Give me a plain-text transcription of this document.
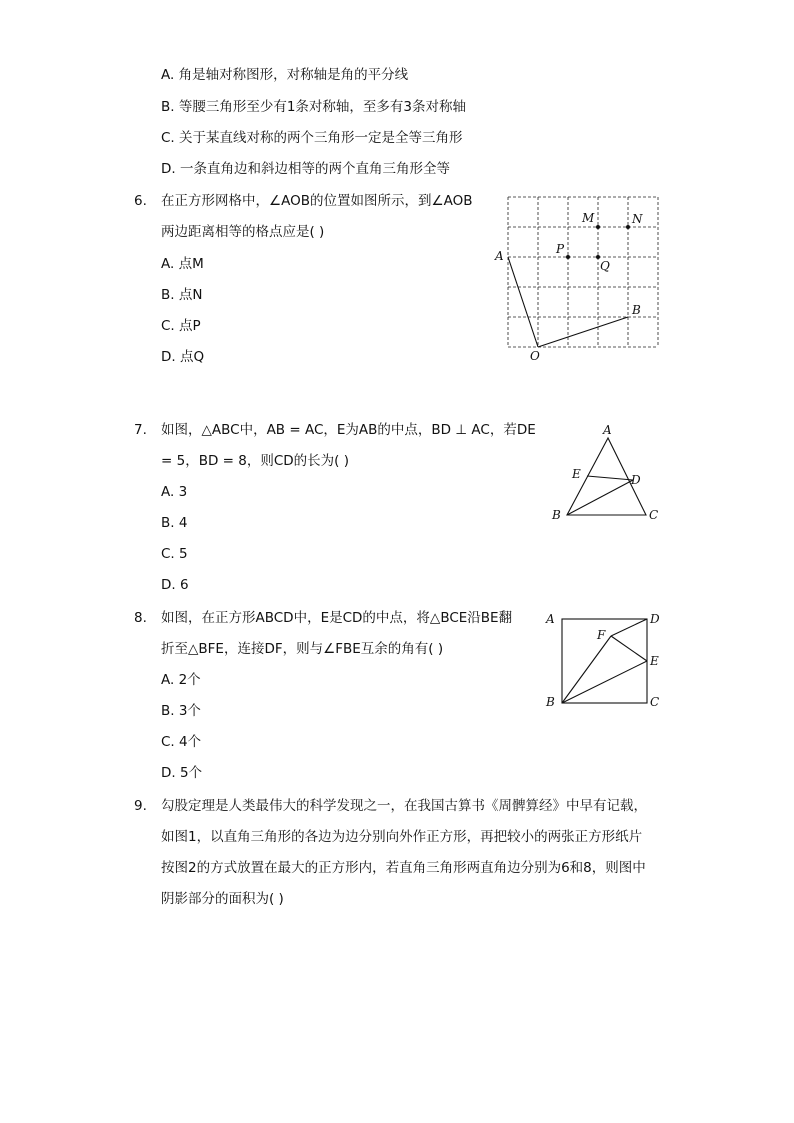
A. 角是轴对称图形，对称轴是角的平分线
B. 等腰三角形至少有1条对称轴，至多有3条对称轴
C. 关于某直线对称的两个三角形一定是全等三角形
D. 一条直角边和斜边相等的两个直角三角形全等
6. 在正方形网格中，∠AOB的位置如图所示，到∠AOB
两边距离相等的格点应是( )
A. 点M
B. 点N
C. 点P
D. 点Q
A
B
O
M	N
P
Q
7. 如图，△ABC中，AB = AC，E为AB的中点，BD ⊥ AC，若DE
= 5，BD = 8，则CD的长为( )
A. 3
B. 4
C. 5
D. 6
A
B	C
D
E
8. 如图，在正方形ABCD中，E是CD的中点，将△BCE沿BE翻
折至△BFE，连接DF，则与∠FBE互余的角有( )
A. 2个
B. 3个
C. 4个
D. 5个
A
B	C
D
E
F
9. 勾股定理是人类最伟大的科学发现之一，在我国古算书《周髀算经》中早有记载，
如图1，以直角三角形的各边为边分别向外作正方形，再把较小的两张正方形纸片
按图2的方式放置在最大的正方形内，若直角三角形两直角边分别为6和8，则图中
阴影部分的面积为( )
